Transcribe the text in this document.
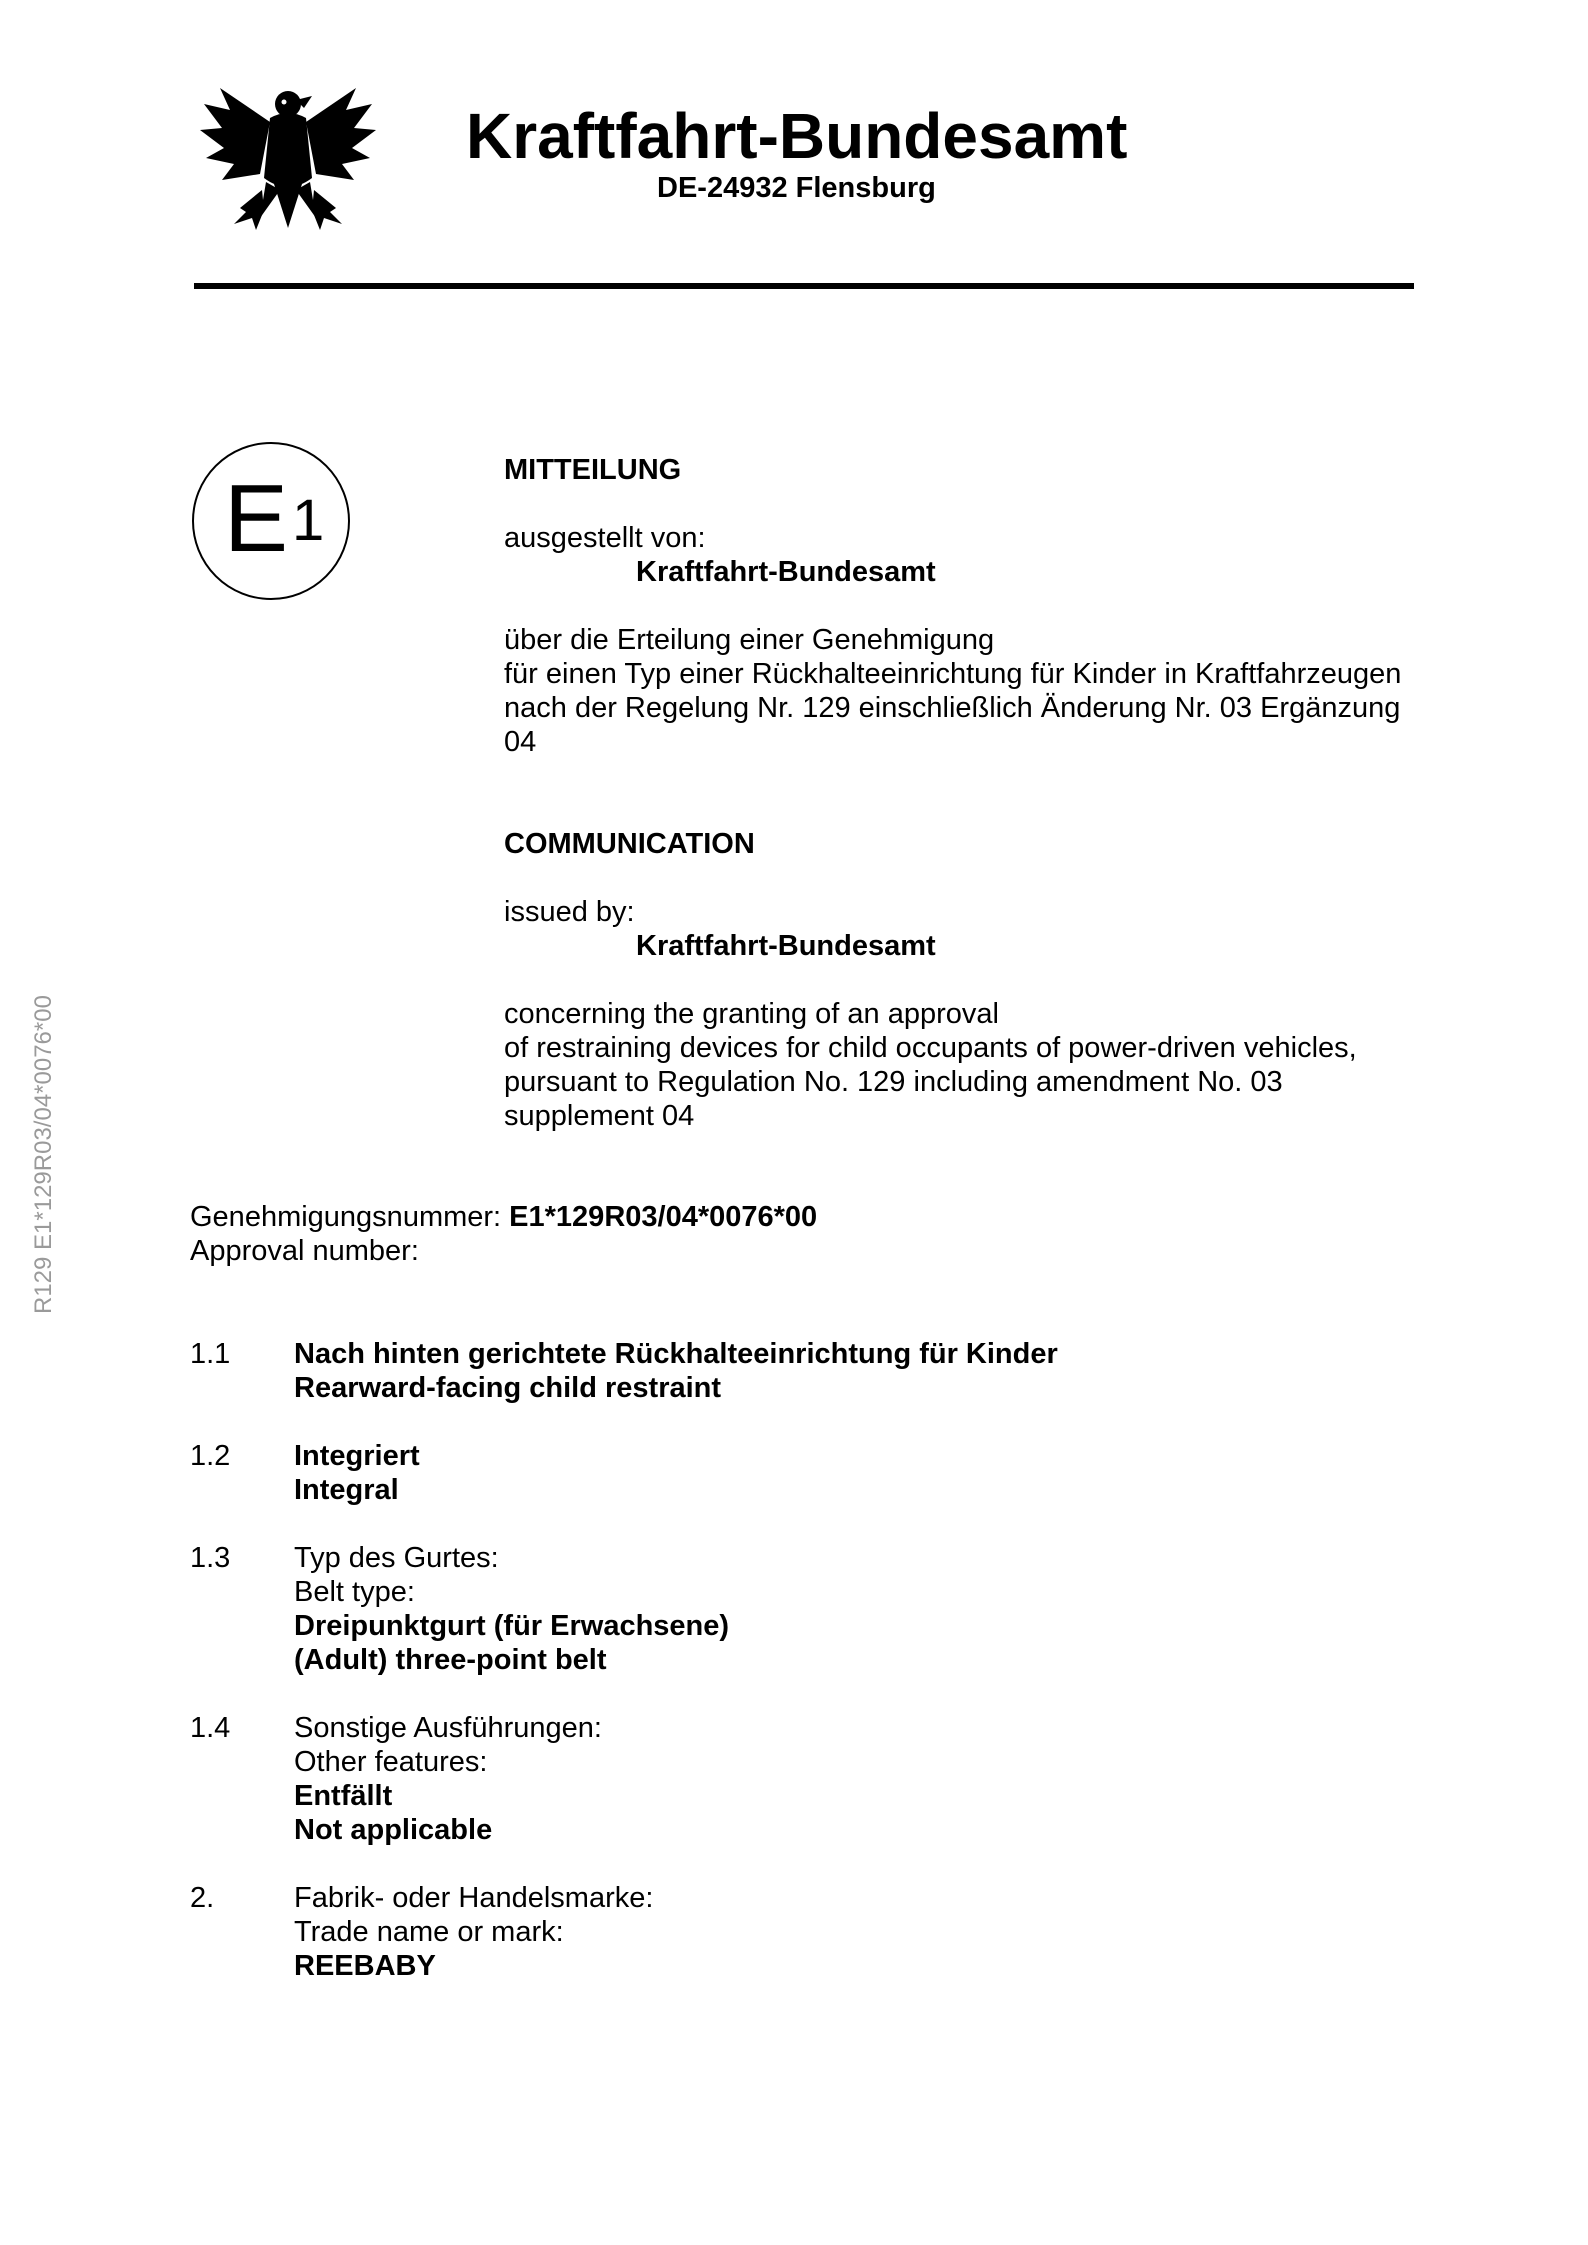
Kraftfahrt-Bundesamt
DE-24932 Flensburg
E 1
R129 E1*129R03/04*0076*00
MITTEILUNG
ausgestellt von:
Kraftfahrt-Bundesamt
über die Erteilung einer Genehmigung
für einen Typ einer Rückhalteeinrichtung für Kinder in Kraftfahrzeugen
nach der Regelung Nr. 129 einschließlich Änderung Nr. 03 Ergänzung
04
COMMUNICATION
issued by:
Kraftfahrt-Bundesamt
concerning the granting of an approval
of restraining devices for child occupants of power-driven vehicles,
pursuant to Regulation No. 129 including amendment No. 03
supplement 04
Genehmigungsnummer: E1*129R03/04*0076*00
Approval number:
1.1	Nach hinten gerichtete Rückhalteeinrichtung für Kinder
Rearward-facing child restraint
1.2	Integriert
Integral
1.3	Typ des Gurtes:
Belt type:
Dreipunktgurt (für Erwachsene)
(Adult) three-point belt
1.4	Sonstige Ausführungen:
Other features:
Entfällt
Not applicable
2.	Fabrik- oder Handelsmarke:
Trade name or mark:
REEBABY
